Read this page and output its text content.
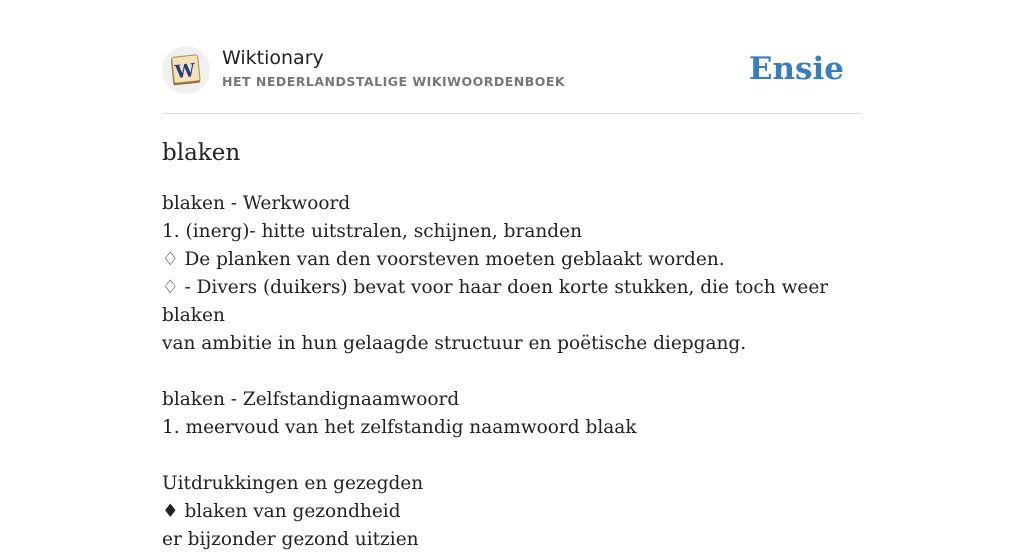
W
Wiktionary
HET NEDERLANDSTALIGE WIKIWOORDENBOEK	Ensie
blaken
blaken - Werkwoord
1. (inerg)- hitte uitstralen, schijnen, branden
♢ De planken van den voorsteven moeten geblaakt worden.
♢ - Divers (duikers) bevat voor haar doen korte stukken, die toch weer blaken
van ambitie in hun gelaagde structuur en poëtische diepgang.
blaken - Zelfstandignaamwoord
1. meervoud van het zelfstandig naamwoord blaak
Uitdrukkingen en gezegden
♦ blaken van gezondheid
er bijzonder gezond uitzien
